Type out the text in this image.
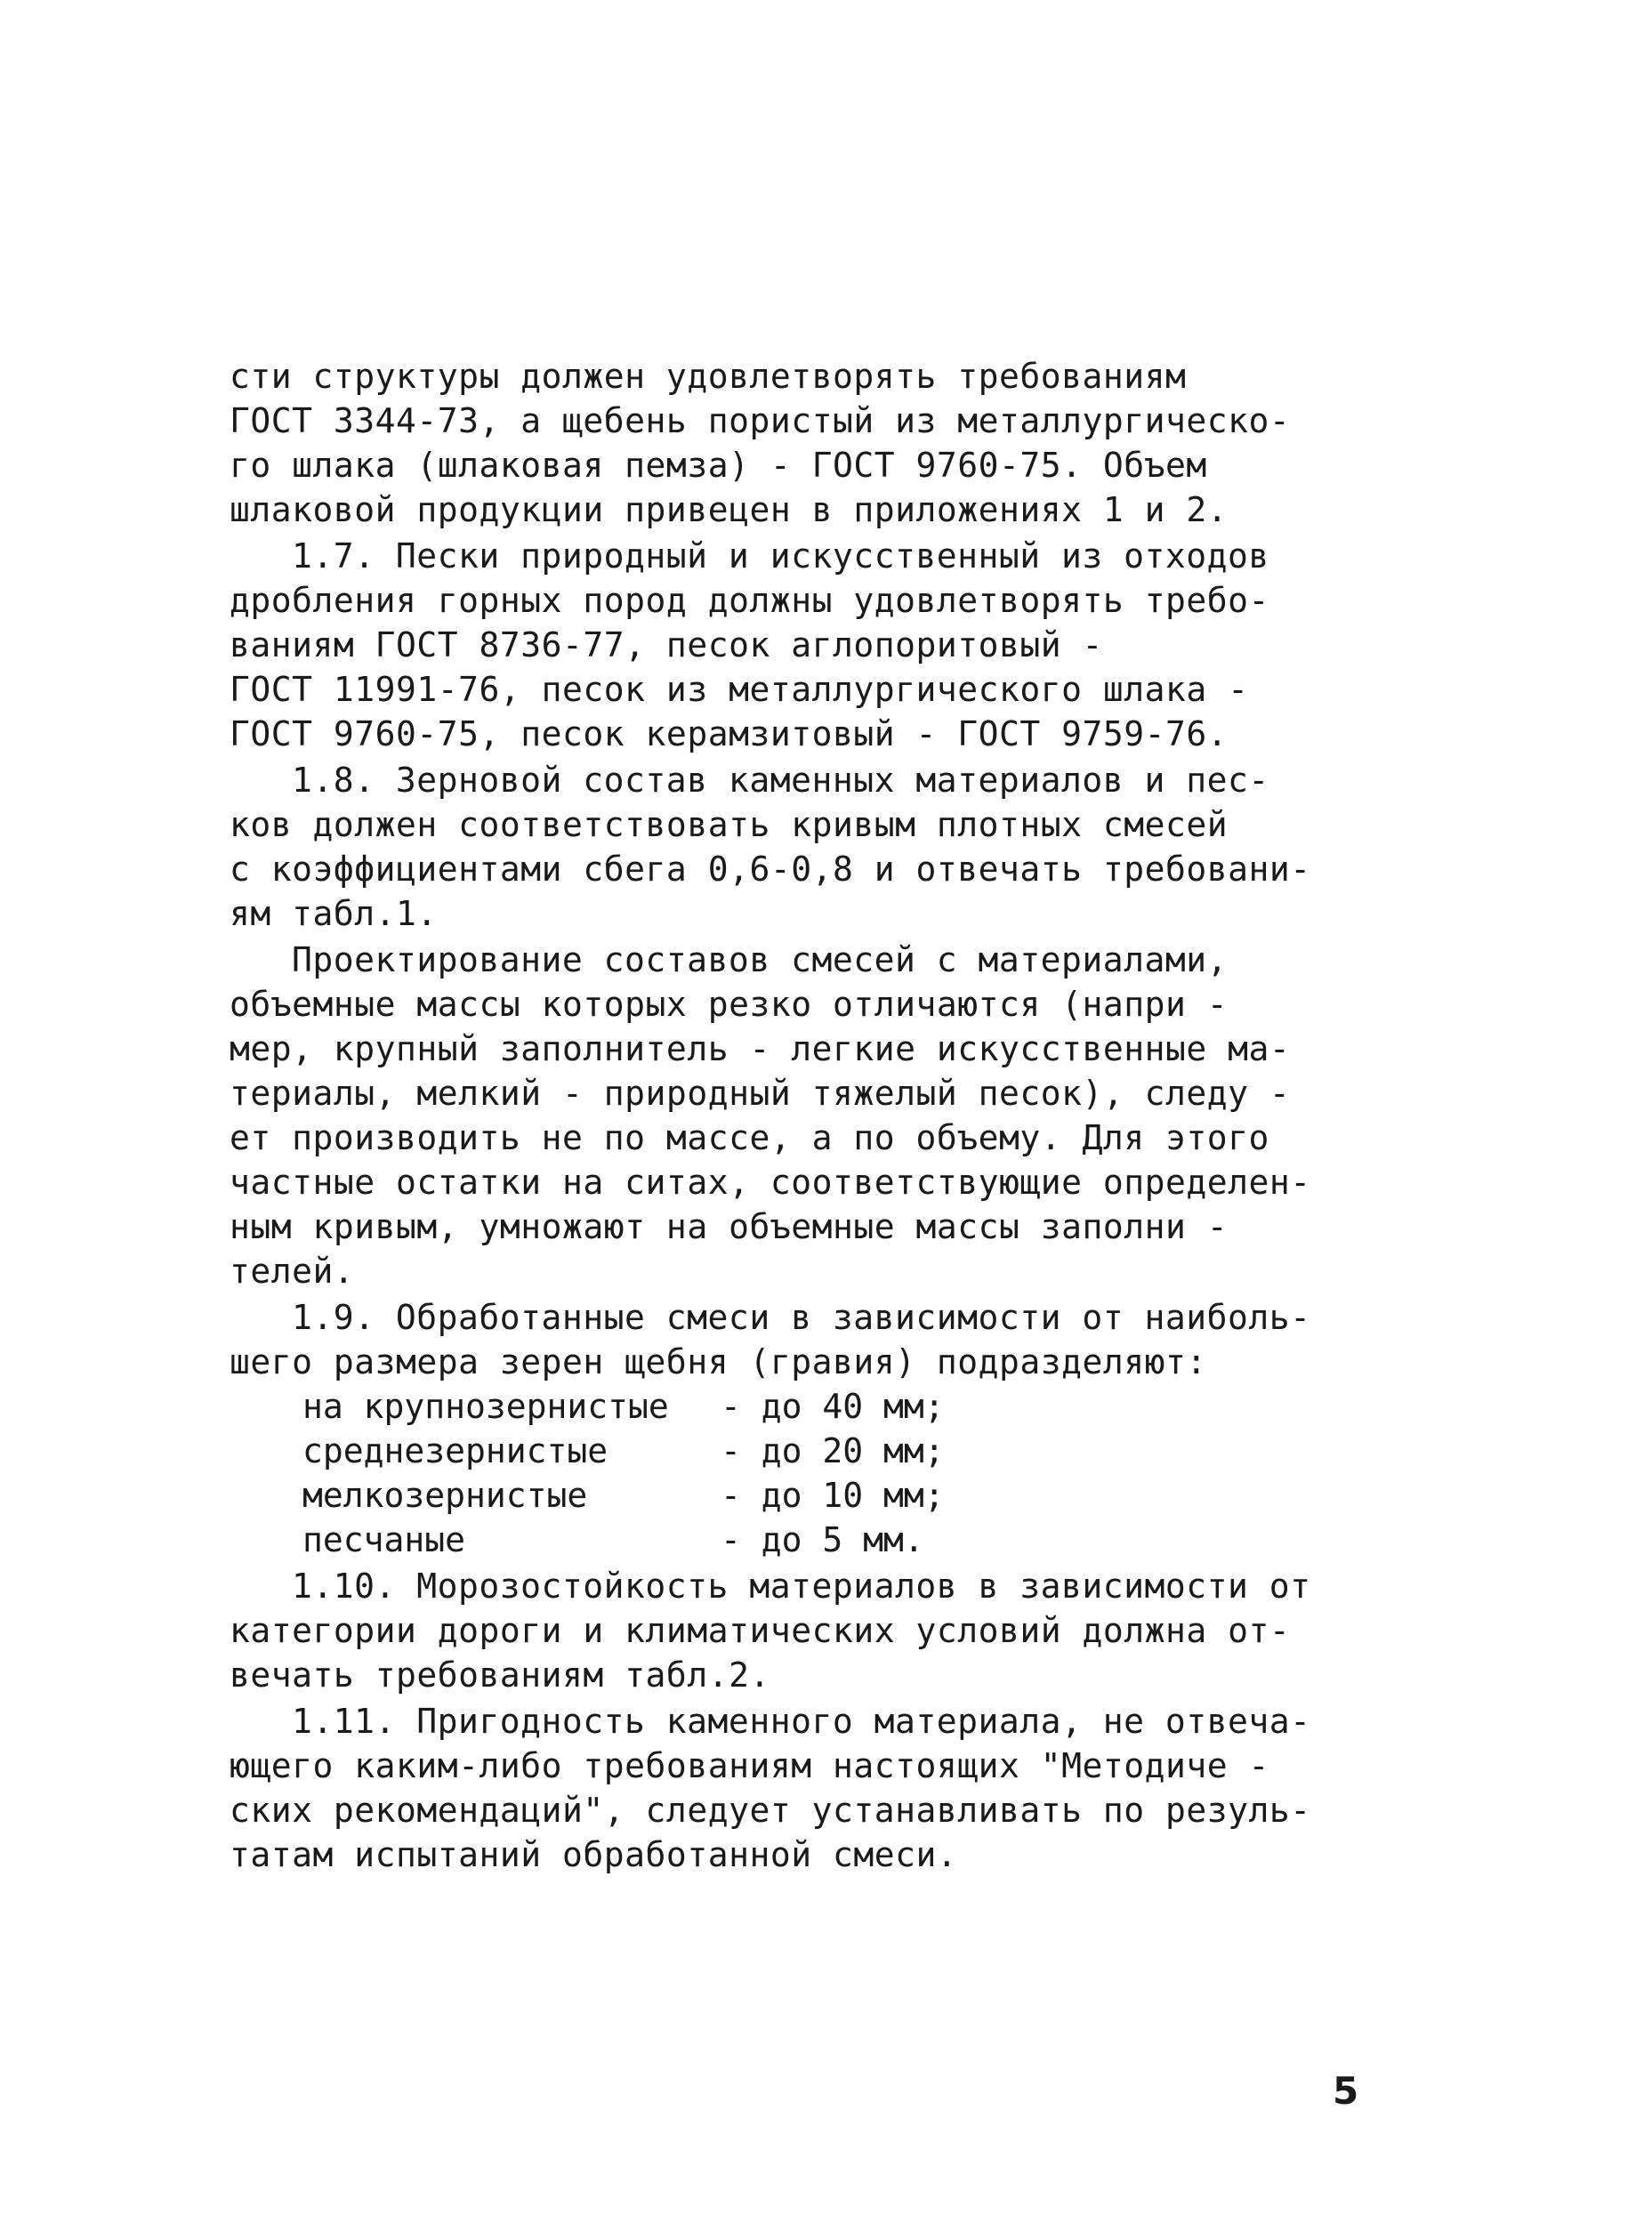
сти структуры должен удовлетворять требованиям
ГОСТ 3344-73, а щебень пористый из металлургическо-
го шлака (шлаковая пемза) - ГОСТ 9760-75. Объем
шлаковой продукции привецен в приложениях 1 и 2.
1.7. Пески природный и искусственный из отходов
дробления горных пород должны удовлетворять требо-
ваниям ГОСТ 8736-77, песок аглопоритовый -
ГОСТ 11991-76, песок из металлургического шлака -
ГОСТ 9760-75, песок керамзитовый - ГОСТ 9759-76.
1.8. Зерновой состав каменных материалов и пес-
ков должен соответствовать кривым плотных смесей
с коэффициентами сбега 0,6-0,8 и отвечать требовани-
ям табл.1.
Проектирование составов смесей с материалами,
объемные массы которых резко отличаются (напри -
мер, крупный заполнитель - легкие искусственные ма-
териалы, мелкий - природный тяжелый песок), следу -
ет производить не по массе, а по объему. Для этого
частные остатки на ситах, соответствующие определен-
ным кривым, умножают на объемные массы заполни -
телей.
1.9. Обработанные смеси в зависимости от наиболь-
шего размера зерен щебня (гравия) подразделяют:
на крупнозернистые	- до 40 мм;
среднезернистые	- до 20 мм;
мелкозернистые	- до 10 мм;
песчаные	- до 5 мм.
1.10. Морозостойкость материалов в зависимости от
категории дороги и климатических условий должна от-
вечать требованиям табл.2.
1.11. Пригодность каменного материала, не отвеча-
ющего каким-либо требованиям настоящих "Методиче -
ских рекомендаций", следует устанавливать по резуль-
татам испытаний обработанной смеси.
5
